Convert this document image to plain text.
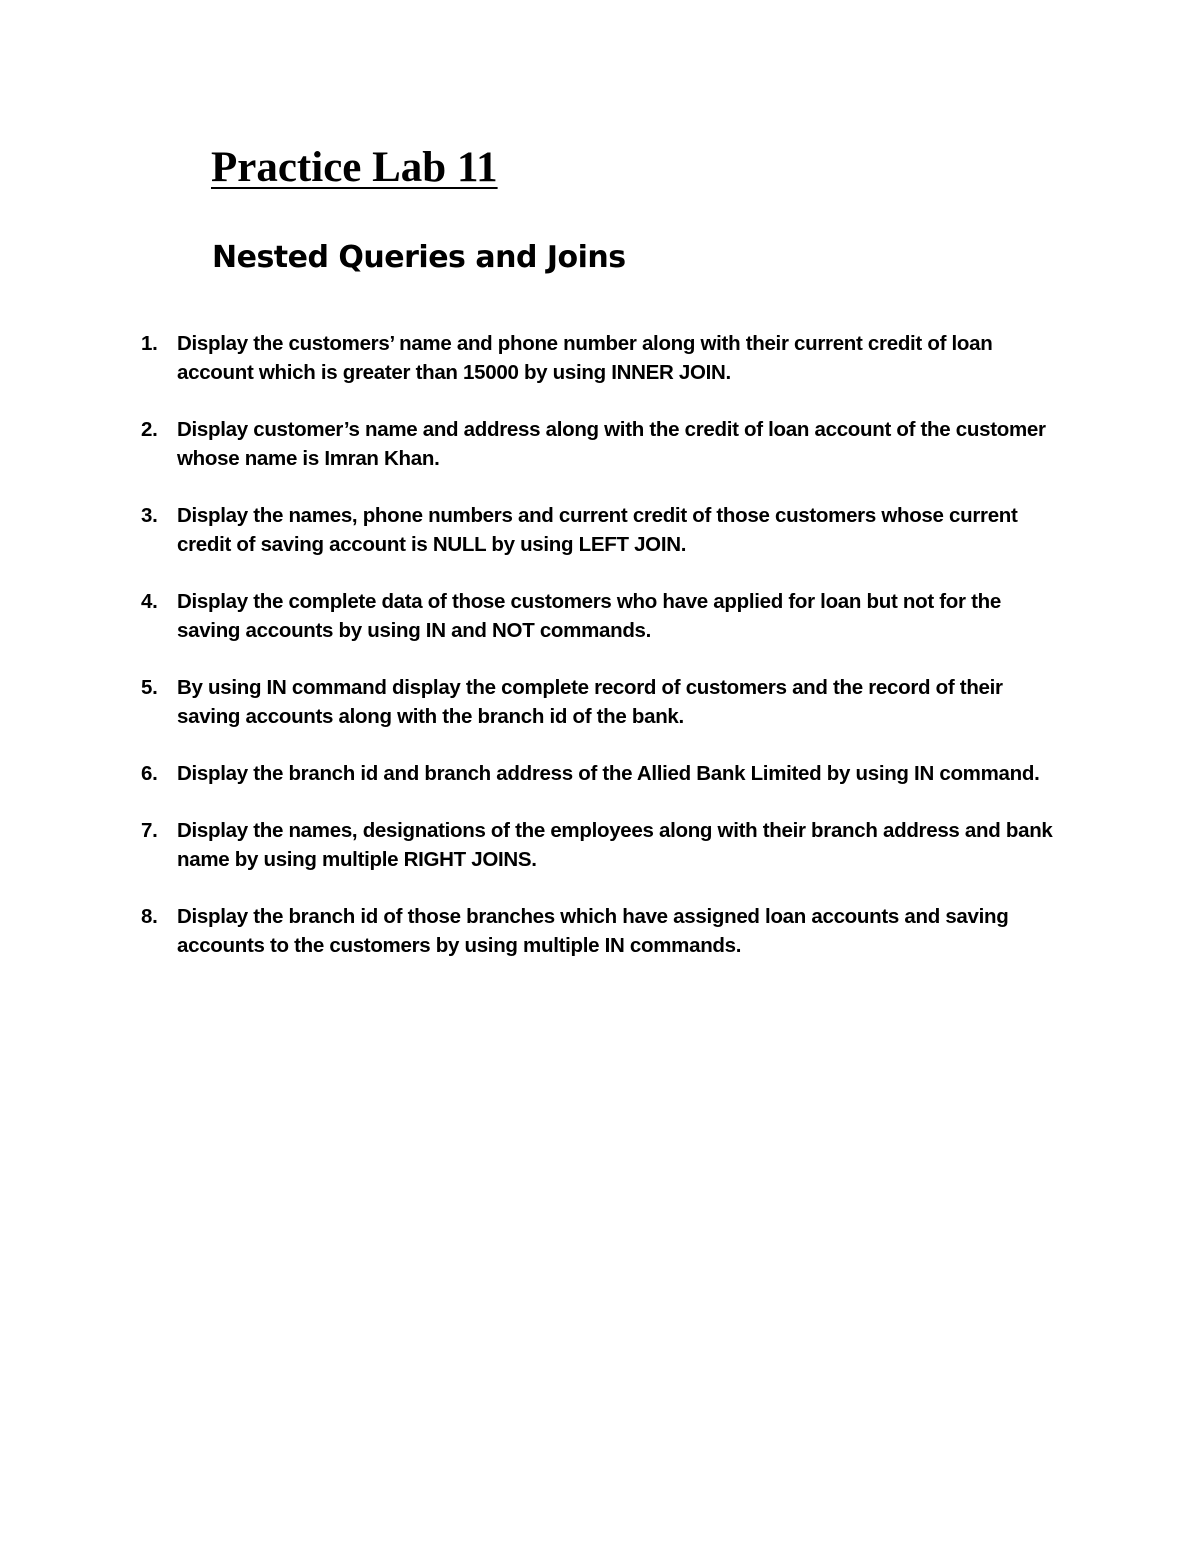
Practice Lab 11
Nested Queries and Joins
1. Display the customers’ name and phone number along with their current credit of loan
account which is greater than 15000 by using INNER JOIN.
2. Display customer’s name and address along with the credit of loan account of the customer
whose name is Imran Khan.
3. Display the names, phone numbers and current credit of those customers whose current
credit of saving account is NULL by using LEFT JOIN.
4. Display the complete data of those customers who have applied for loan but not for the
saving accounts by using IN and NOT commands.
5. By using IN command display the complete record of customers and the record of their
saving accounts along with the branch id of the bank.
6. Display the branch id and branch address of the Allied Bank Limited by using IN command.
7. Display the names, designations of the employees along with their branch address and bank
name by using multiple RIGHT JOINS.
8. Display the branch id of those branches which have assigned loan accounts and saving
accounts to the customers by using multiple IN commands.
